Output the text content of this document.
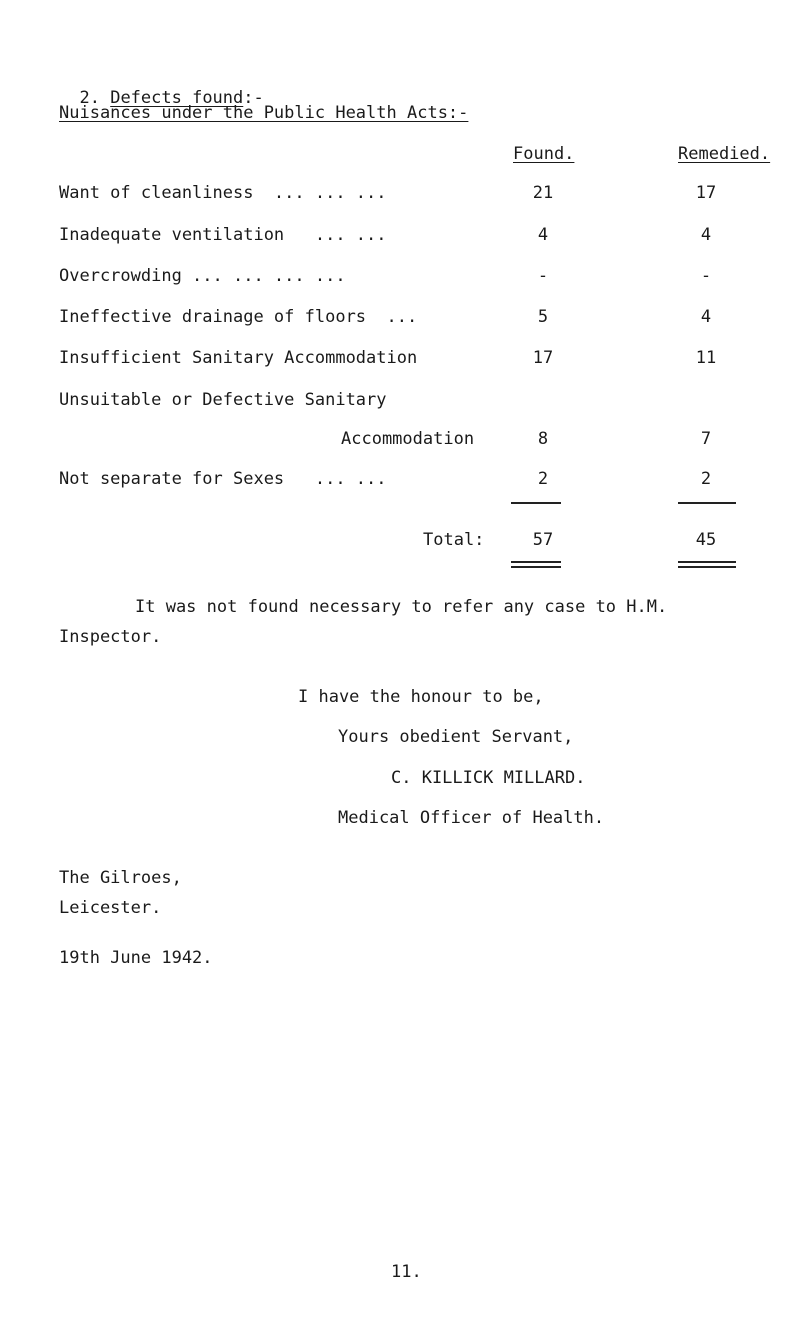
2. Defects found:-

Nuisances under the Public Health Acts:-
Found.	Remedied.
Want of cleanliness  ... ... ...	21	17
Inadequate ventilation   ... ...	4	4
Overcrowding ... ... ... ...	-	-
Ineffective drainage of floors  ...	5	4
Insufficient Sanitary Accommodation	17	11
Unsuitable or Defective Sanitary
Accommodation	8	7
Not separate for Sexes   ... ...	2	2
Total:	57	45
It was not found necessary to refer any case to H.M.
Inspector.
I have the honour to be,
Yours obedient Servant,
C. KILLICK MILLARD.
Medical Officer of Health.
The Gilroes,
Leicester.
19th June 1942.
11.
